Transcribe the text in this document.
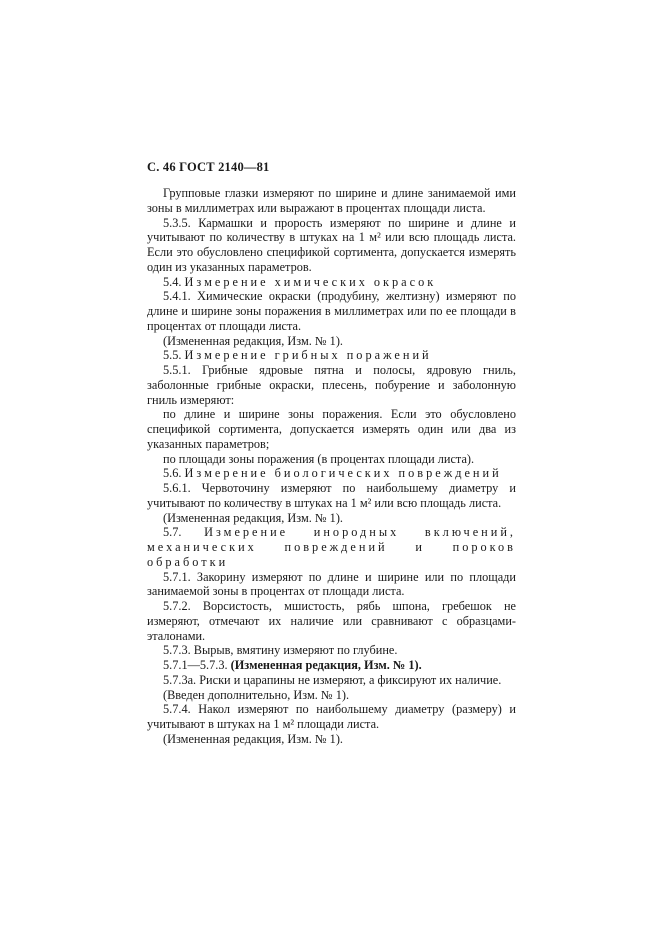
С. 46 ГОСТ 2140—81

Групповые глазки измеряют по ширине и длине занимаемой ими зоны в миллиметрах или выражают в процентах площади листа.

5.3.5. Кармашки и прорость измеряют по ширине и длине и учитывают по количеству в штуках на 1 м² или всю площадь листа. Если это обусловлено спецификой сортимента, допускается измерять один из указанных параметров.

5.4. Измерение химических окрасок

5.4.1. Химические окраски (продубину, желтизну) измеряют по длине и ширине зоны поражения в миллиметрах или по ее площади в процентах от площади листа.

(Измененная редакция, Изм. № 1).

5.5. Измерение грибных поражений

5.5.1. Грибные ядровые пятна и полосы, ядровую гниль, заболонные грибные окраски, плесень, побурение и заболонную гниль измеряют:

по длине и ширине зоны поражения. Если это обусловлено спецификой сортимента, допускается измерять один или два из указанных параметров;

по площади зоны поражения (в процентах площади листа).

5.6. Измерение биологических повреждений

5.6.1. Червоточину измеряют по наибольшему диаметру и учитывают по количеству в штуках на 1 м² или всю площадь листа.

(Измененная редакция, Изм. № 1).

5.7. Измерение инородных включений, механических повреждений и пороков обработки

5.7.1. Закорину измеряют по длине и ширине или по площади занимаемой зоны в процентах от площади листа.

5.7.2. Ворсистость, мшистость, рябь шпона, гребешок не измеряют, отмечают их наличие или сравнивают с образцами-эталонами.

5.7.3. Вырыв, вмятину измеряют по глубине.

5.7.1—5.7.3. (Измененная редакция, Изм. № 1).

5.7.3а. Риски и царапины не измеряют, а фиксируют их наличие.

(Введен дополнительно, Изм. № 1).

5.7.4. Накол измеряют по наибольшему диаметру (размеру) и учитывают в штуках на 1 м² площади листа.

(Измененная редакция, Изм. № 1).
